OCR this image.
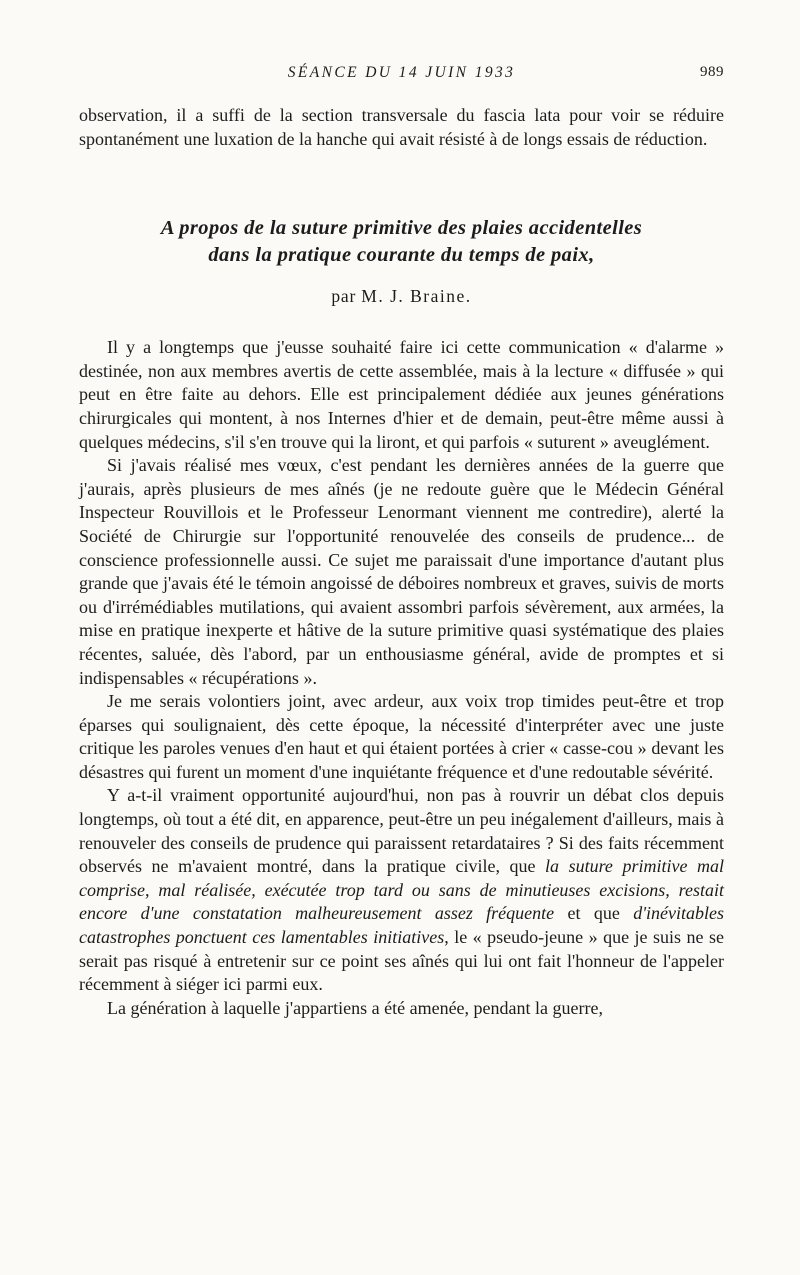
SÉANCE DU 14 JUIN 1933	989

observation, il a suffi de la section transversale du fascia lata pour voir se réduire spontanément une luxation de la hanche qui avait résisté à de longs essais de réduction.

A propos de la suture primitive des plaies accidentelles
dans la pratique courante du temps de paix,
par M. J. Braine.

Il y a longtemps que j'eusse souhaité faire ici cette communication « d'alarme » destinée, non aux membres avertis de cette assemblée, mais à la lecture « diffusée » qui peut en être faite au dehors. Elle est principalement dédiée aux jeunes générations chirurgicales qui montent, à nos Internes d'hier et de demain, peut-être même aussi à quelques médecins, s'il s'en trouve qui la liront, et qui parfois « suturent » aveuglément.

Si j'avais réalisé mes vœux, c'est pendant les dernières années de la guerre que j'aurais, après plusieurs de mes aînés (je ne redoute guère que le Médecin Général Inspecteur Rouvillois et le Professeur Lenormant viennent me contredire), alerté la Société de Chirurgie sur l'opportunité renouvelée des conseils de prudence... de conscience professionnelle aussi. Ce sujet me paraissait d'une importance d'autant plus grande que j'avais été le témoin angoissé de déboires nombreux et graves, suivis de morts ou d'irrémédiables mutilations, qui avaient assombri parfois sévèrement, aux armées, la mise en pratique inexperte et hâtive de la suture primitive quasi systématique des plaies récentes, saluée, dès l'abord, par un enthousiasme général, avide de promptes et si indispensables « récupérations ».

Je me serais volontiers joint, avec ardeur, aux voix trop timides peut-être et trop éparses qui soulignaient, dès cette époque, la nécessité d'interpréter avec une juste critique les paroles venues d'en haut et qui étaient portées à crier « casse-cou » devant les désastres qui furent un moment d'une inquiétante fréquence et d'une redoutable sévérité.

Y a-t-il vraiment opportunité aujourd'hui, non pas à rouvrir un débat clos depuis longtemps, où tout a été dit, en apparence, peut-être un peu inégalement d'ailleurs, mais à renouveler des conseils de prudence qui paraissent retardataires ? Si des faits récemment observés ne m'avaient montré, dans la pratique civile, que la suture primitive mal comprise, mal réalisée, exécutée trop tard ou sans de minutieuses excisions, restait encore d'une constatation malheureusement assez fréquente et que d'inévitables catastrophes ponctuent ces lamentables initiatives, le « pseudo-jeune » que je suis ne se serait pas risqué à entretenir sur ce point ses aînés qui lui ont fait l'honneur de l'appeler récemment à siéger ici parmi eux.

La génération à laquelle j'appartiens a été amenée, pendant la guerre,
